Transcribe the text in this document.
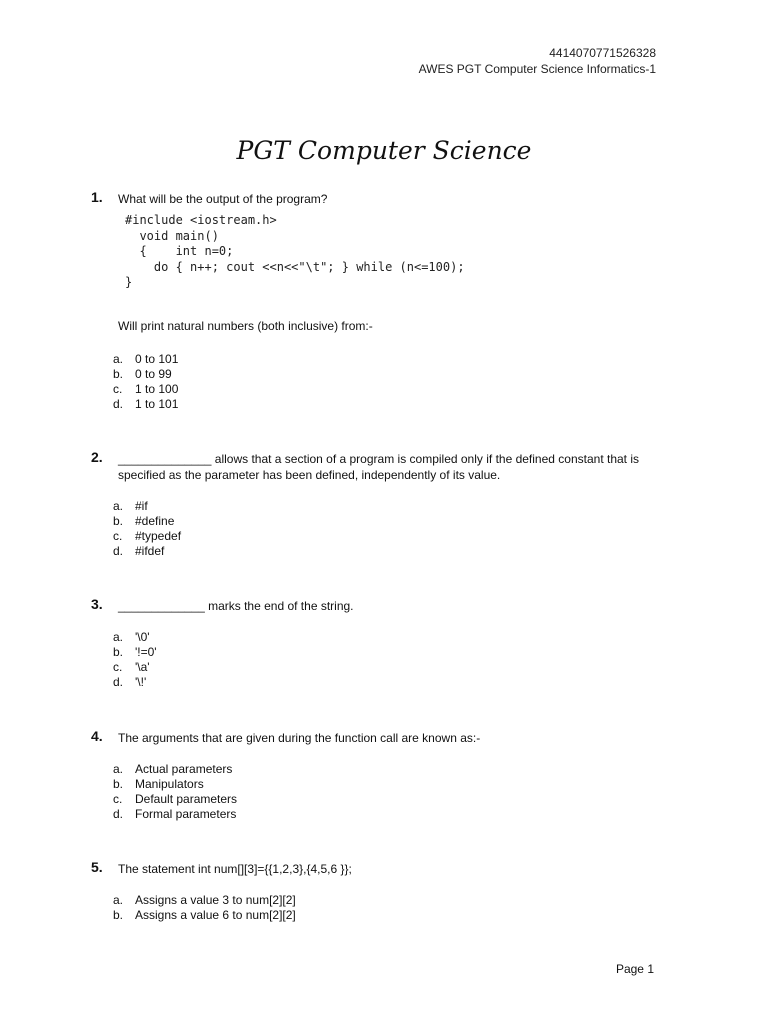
4414070771526328
AWES PGT Computer Science Informatics-1
PGT Computer Science
1. What will be the output of the program?
#include <iostream.h>
void main()
{    int n=0;
do { n++; cout <<n<<"\t"; } while (n<=100);
}
Will print natural numbers (both inclusive) from:-
a. 0 to 101
b. 0 to 99
c.	1 to 100
d. 1 to 101
2. ______________ allows that a section of a program is compiled only if the defined constant that is specified as the parameter has been defined, independently of its value.
a. #if
b. #define
c.	#typedef
d. #ifdef
3. _____________ marks the end of the string.
a. '\0'
b. '!=0'
c.	'\a'
d. '\!'
4. The arguments that are given during the function call are known as:-
a. Actual parameters
b. Manipulators
c.	Default parameters
d. Formal parameters
5. The statement int num[][3]={{1,2,3},{4,5,6 }};
a. Assigns a value 3 to num[2][2]
b. Assigns a value 6 to num[2][2]
Page 1
